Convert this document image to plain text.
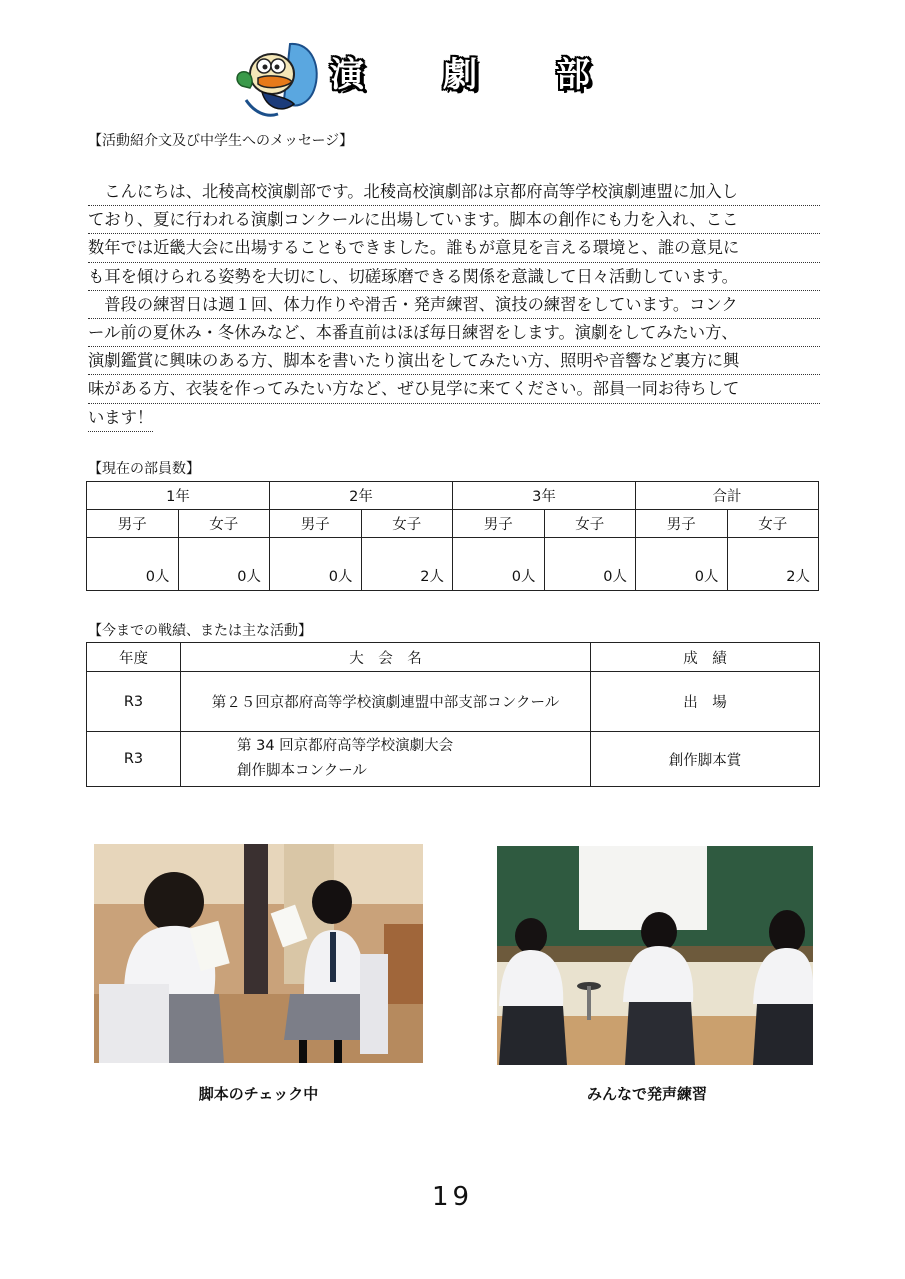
演 劇 部
【活動紹介文及び中学生へのメッセージ】
こんにちは、北稜高校演劇部です。北稜高校演劇部は京都府高等学校演劇連盟に加入し
ており、夏に行われる演劇コンクールに出場しています。脚本の創作にも力を入れ、ここ
数年では近畿大会に出場することもできました。誰もが意見を言える環境と、誰の意見に
も耳を傾けられる姿勢を大切にし、切磋琢磨できる関係を意識して日々活動しています。
普段の練習日は週１回、体力作りや滑舌・発声練習、演技の練習をしています。コンク
ール前の夏休み・冬休みなど、本番直前はほぼ毎日練習をします。演劇をしてみたい方、
演劇鑑賞に興味のある方、脚本を書いたり演出をしてみたい方、照明や音響など裏方に興
味がある方、衣装を作ってみたい方など、ぜひ見学に来てください。部員一同お待ちして
います！
【現在の部員数】
1年		2年		3年		合計	
男子	女子	男子	女子	男子	女子	男子	女子
0人	0人	0人	2人	0人	0人	0人	2人
【今までの戦績、または主な活動】
年度	大　会　名	成　績
R3	第２５回京都府高等学校演劇連盟中部支部コンクール	出　場
R3	第 34 回京都府高等学校演劇大会
創作脚本コンクール	創作脚本賞
脚本のチェック中	みんなで発声練習
19
